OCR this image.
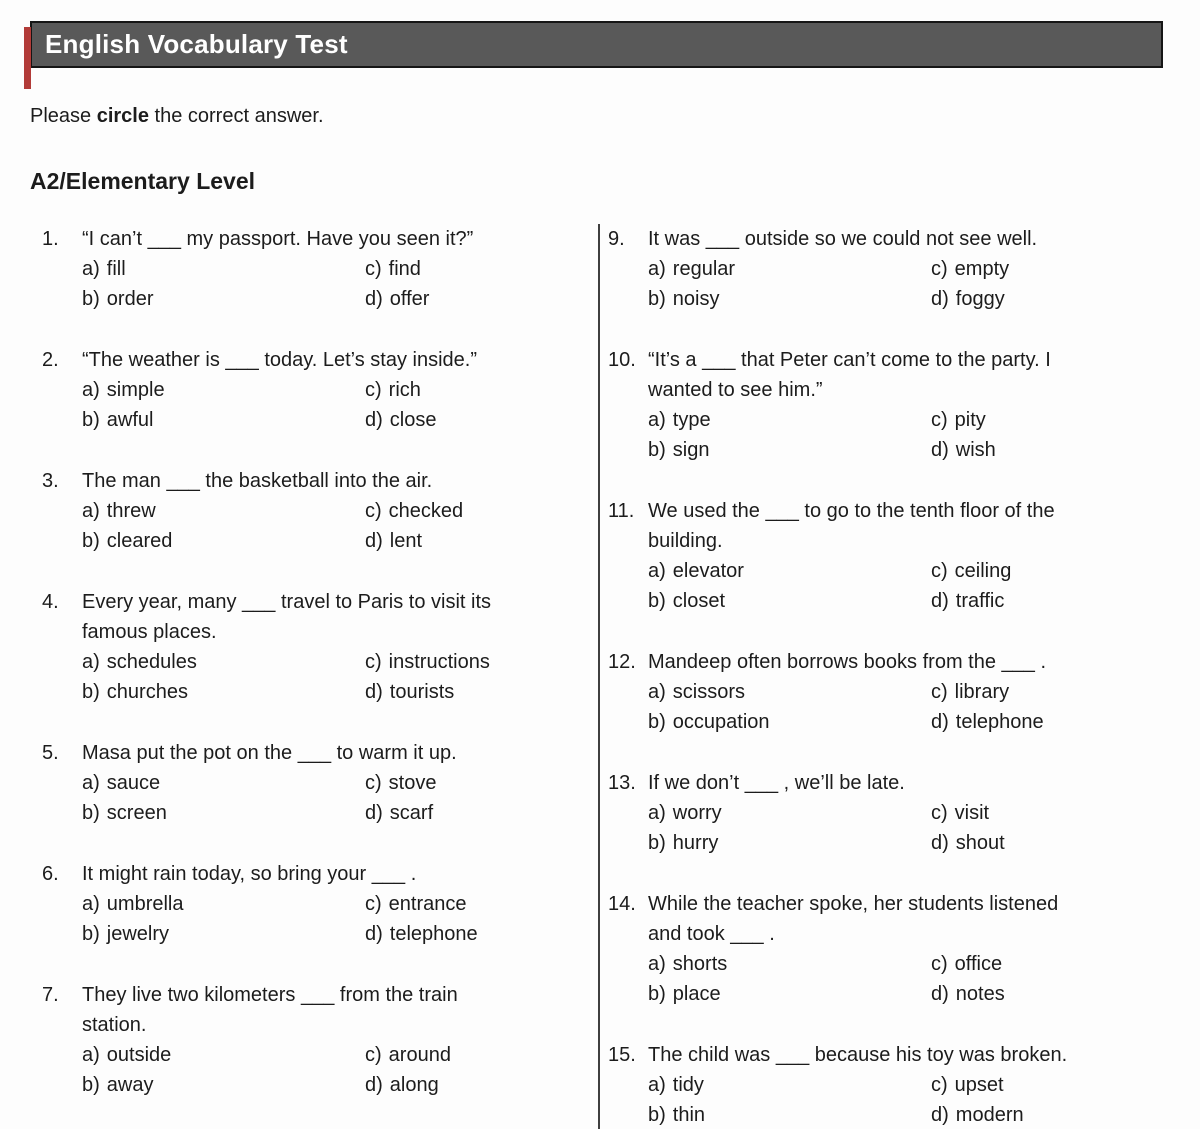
English Vocabulary Test
Please circle the correct answer.
A2/Elementary Level
1.	“I can’t ___ my passport. Have you seen it?”
a) fill	c) find
b) order	d) offer
2.	“The weather is ___ today. Let’s stay inside.”
a) simple	c) rich
b) awful	d) close
3.	The man ___ the basketball into the air.
a) threw	c) checked
b) cleared	d) lent
4.	Every year, many ___ travel to Paris to visit its
famous places.
a) schedules	c) instructions
b) churches	d) tourists
5.	Masa put the pot on the ___ to warm it up.
a) sauce	c) stove
b) screen	d) scarf
6.	It might rain today, so bring your ___ .
a) umbrella	c) entrance
b) jewelry	d) telephone
7.	They live two kilometers ___ from the train
station.
a) outside	c) around
b) away	d) along
9.	It was ___ outside so we could not see well.
a) regular	c) empty
b) noisy	d) foggy
10. “It’s a ___ that Peter can’t come to the party. I
wanted to see him.”
a) type	c) pity
b) sign	d) wish
11. We used the ___ to go to the tenth floor of the
building.
a) elevator	c) ceiling
b) closet	d) traffic
12. Mandeep often borrows books from the ___ .
a) scissors	c) library
b) occupation	d) telephone
13. If we don’t ___ , we’ll be late.
a) worry	c) visit
b) hurry	d) shout
14. While the teacher spoke, her students listened
and took ___ .
a) shorts	c) office
b) place	d) notes
15. The child was ___ because his toy was broken.
a) tidy	c) upset
b) thin	d) modern
